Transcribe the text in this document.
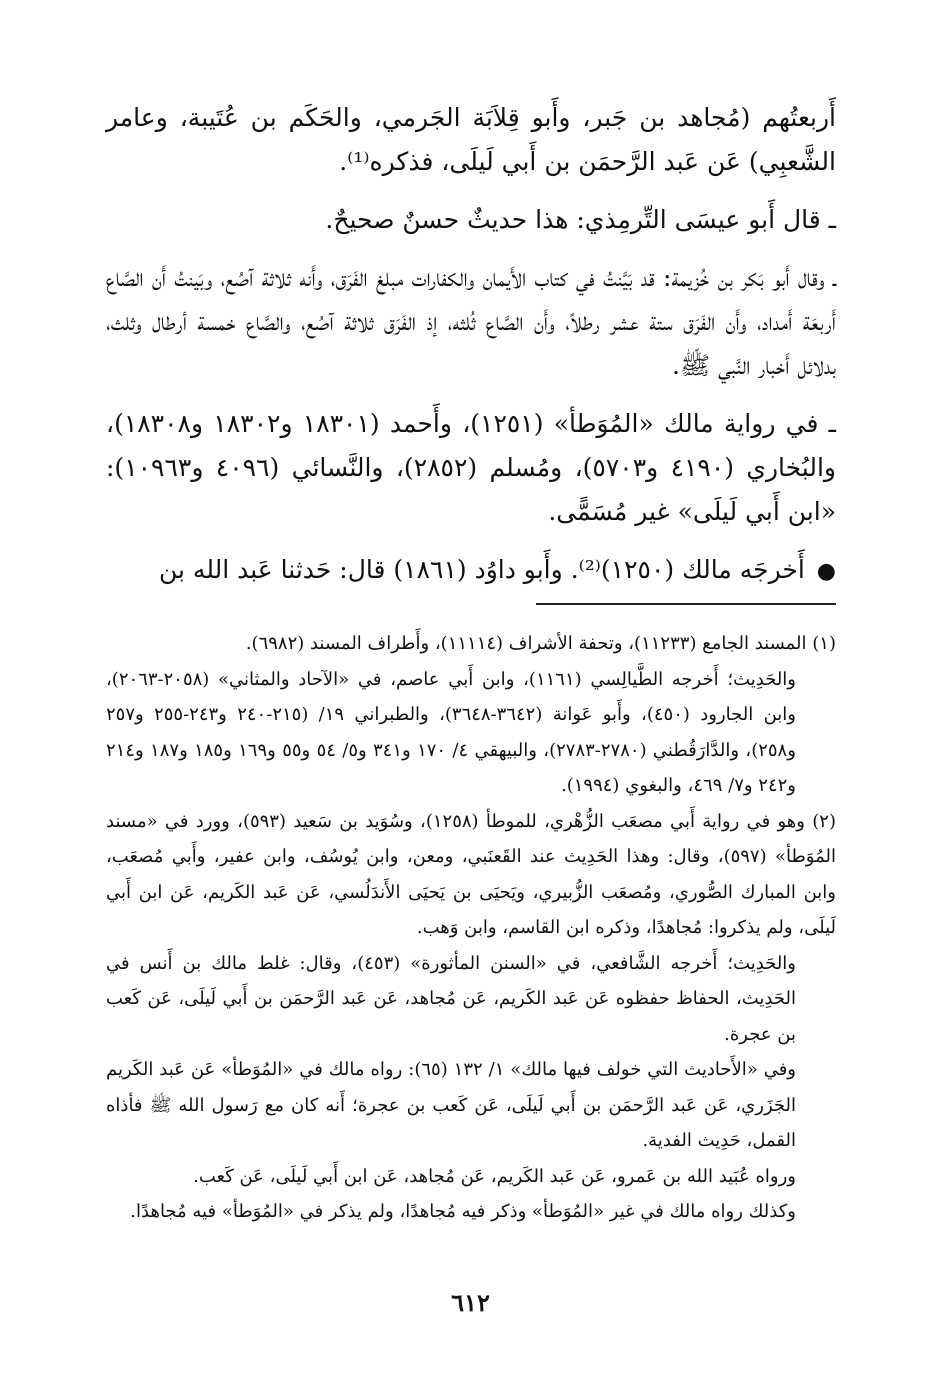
أَربعتُهم (مُجاهد بن جَبر، وأَبو قِلاَبَة الجَرمي، والحَكَم بن عُتَيبة، وعامر الشَّعبِي) عَن عَبد الرَّحمَن بن أَبي لَيلَى، فذكره⁽¹⁾.

ـ قال أَبو عيسَى التِّرمِذي: هذا حديثٌ حسنٌ صحيحٌ.

ـ وقال أَبو بَكر بن خُزيمة: قد بَيَّنتُ في كتاب الأَيمان والكفارات مبلغ الفَرَق، وأَنه ثلاثة آصُع، وبَينتُ أَن الصَّاع أَربعَة أَمداد، وأَن الفَرَق ستة عشر رطلاً، وأَن الصَّاع ثُلثه، إذ الفَرَق ثلاثة آصُع، والصَّاع خمسة أرطال وثلث، بدلائل أَخبار النَّبي ﷺ.

ـ في رواية مالك «المُوَطأ» (١٢٥١)، وأَحمد (١٨٣٠١ و١٨٣٠٢ و١٨٣٠٨)، والبُخاري (٤١٩٠ و٥٧٠٣)، ومُسلم (٢٨٥٢)، والنَّسائي (٤٠٩٦ و١٠٩٦٣): «ابن أَبي لَيلَى» غير مُسَمًّى.

●أَخرجَه مالك (١٢٥٠)⁽²⁾. وأَبو داوُد (١٨٦١) قال: حَدثنا عَبد الله بن

(١) المسند الجامع (١١٢٣٣)، وتحفة الأشراف (١١١١٤)، وأَطراف المسند (٦٩٨٢).

والحَدِيث؛ أَخرجه الطَّيالِسي (١١٦١)، وابن أَبي عاصم، في «الآحاد والمثاني» (٢٠٥٨-٢٠٦٣)، وابن الجارود (٤٥٠)، وأَبو عَوانة (٣٦٤٢-٣٦٤٨)، والطبراني ١٩/ (٢١٥-٢٤٠ و٢٤٣-٢٥٥ و٢٥٧ و٢٥٨)، والدَّارَقُطني (٢٧٨٠-٢٧٨٣)، والبيهقي ٤/ ١٧٠ و٣٤١ و٥/ ٥٤ و٥٥ و١٦٩ و١٨٥ و١٨٧ و٢١٤ و٢٤٢ و٧/ ٤٦٩، والبغوي (١٩٩٤).

(٢) وهو في رواية أَبي مصعَب الزُّهْري، للموطأ (١٢٥٨)، وسُوَيد بن سَعيد (٥٩٣)، وورد في «مسند المُوَطأ» (٥٩٧)، وقال: وهذا الحَدِيث عند القَعنَبي، ومعن، وابن يُوسُف، وابن عفير، وأَبي مُصعَب، وابن المبارك الصُّوري، ومُصعَب الزُّبيري، ويَحيَى بن يَحيَى الأَندَلُسي، عَن عَبد الكَريم، عَن ابن أَبي لَيلَى، ولم يذكروا: مُجاهدًا، وذكره ابن القاسم، وابن وَهب.

والحَدِيث؛ أَخرجه الشَّافعي، في «السنن المأثورة» (٤٥٣)، وقال: غلط مالك بن أَنس في الحَدِيث، الحفاظ حفظوه عَن عَبد الكَريم، عَن مُجاهد، عَن عَبد الرَّحمَن بن أَبي لَيلَى، عَن كَعب بن عجرة.

وفي «الأَحاديث التي خولف فيها مالك» ١/ ١٣٢ (٦٥): رواه مالك في «المُوَطأ» عَن عَبد الكَريم الجَزَري، عَن عَبد الرَّحمَن بن أَبي لَيلَى، عَن كَعب بن عجرة؛ أَنه كان مع رَسول الله ﷺ فأذاه القمل، حَدِيث الفدية.

ورواه عُبَيد الله بن عَمرو، عَن عَبد الكَريم، عَن مُجاهد، عَن ابن أَبي لَيلَى، عَن كَعب.

وكذلك رواه مالك في غير «المُوَطأ» وذكر فيه مُجاهدًا، ولم يذكر في «المُوَطأ» فيه مُجاهدًا.

٦١٢
